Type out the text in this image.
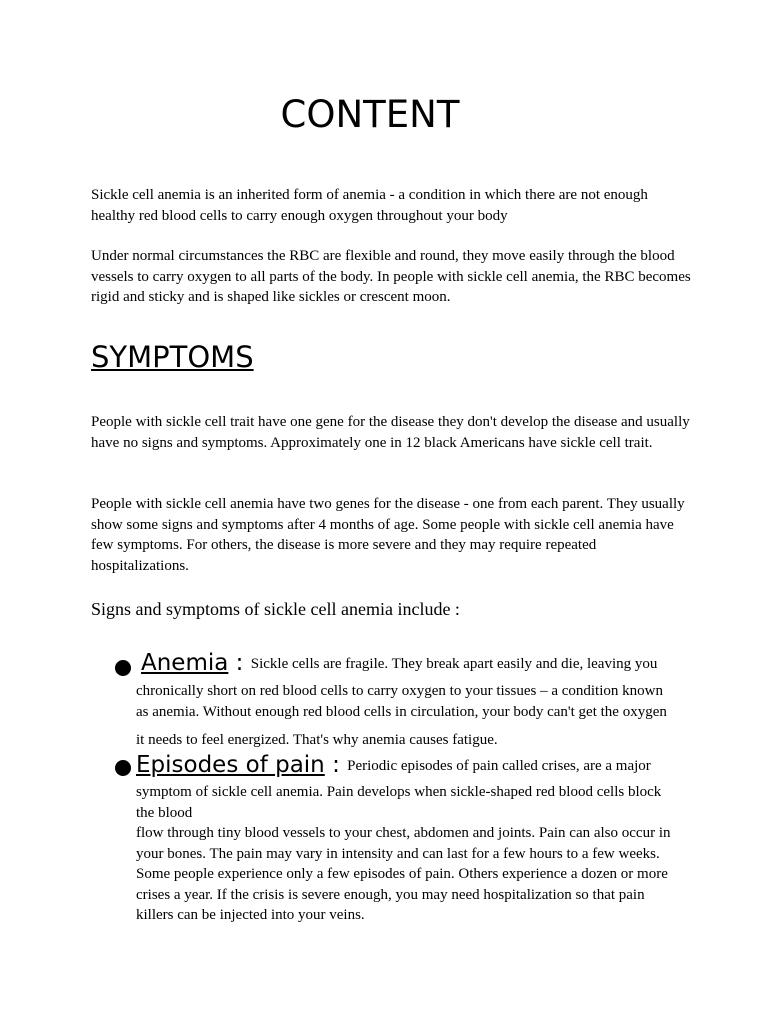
CONTENT

Sickle cell anemia is an inherited form of anemia - a condition in which there are not enough healthy red blood cells to carry enough oxygen throughout your body

Under normal circumstances the RBC are flexible and round, they move easily through the blood vessels to carry oxygen to all parts of the body. In people with sickle cell anemia, the RBC becomes rigid and sticky and is shaped like sickles or crescent moon.

SYMPTOMS

People with sickle cell trait have one gene for the disease they don't develop the disease and usually have no signs and symptoms. Approximately one in 12 black Americans have sickle cell trait.

People with sickle cell anemia have two genes for the disease - one from each parent. They usually show some signs and symptoms after 4 months of age. Some people with sickle cell anemia have few symptoms. For others, the disease is more severe and they may require repeated hospitalizations.

Signs and symptoms of sickle cell anemia include :

Anemia : Sickle cells are fragile. They break apart easily and die, leaving you
chronically short on red blood cells to carry oxygen to your tissues – a condition known
as anemia. Without enough red blood cells in circulation, your body can't get the oxygen
it needs to feel energized. That's why anemia causes fatigue.
Episodes of pain : Periodic episodes of pain called crises, are a major
symptom of sickle cell anemia. Pain develops when sickle-shaped red blood cells block
the blood
flow through tiny blood vessels to your chest, abdomen and joints. Pain can also occur in
your bones. The pain may vary in intensity and can last for a few hours to a few weeks.
Some people experience only a few episodes of pain. Others experience a dozen or more
crises a year. If the crisis is severe enough, you may need hospitalization so that pain
killers can be injected into your veins.
